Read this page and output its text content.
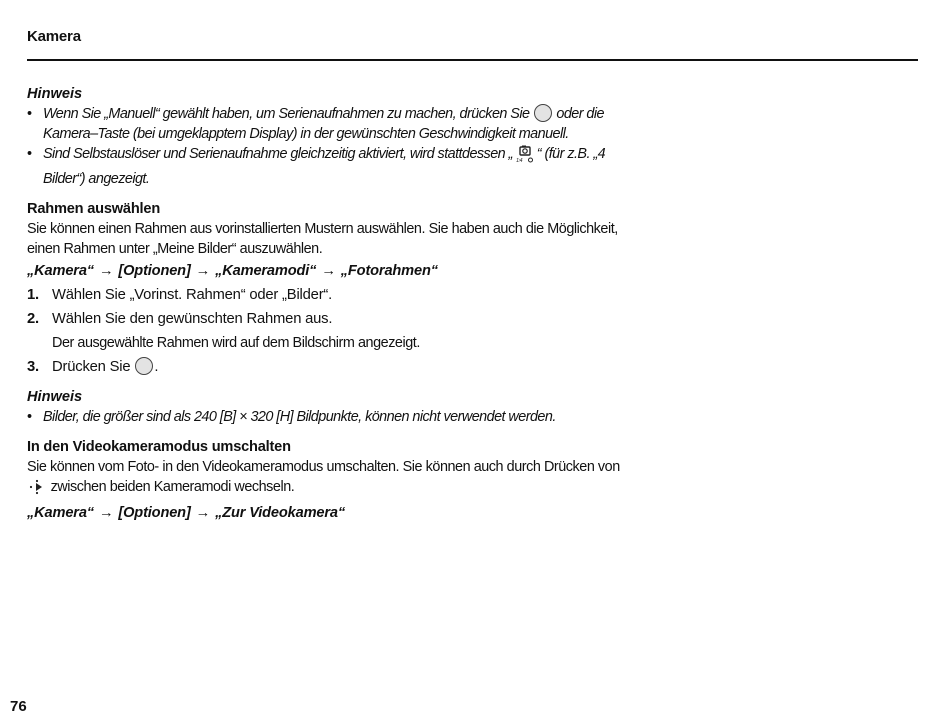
Kamera
Hinweis
• Wenn Sie „Manuell“ gewählt haben, um Serienaufnahmen zu machen, drücken Sie oder die Kamera–Taste (bei umgeklapptem Display) in der gewünschten Geschwindigkeit manuell.
• Sind Selbstauslöser und Serienaufnahme gleichzeitig aktiviert, wird stattdessen „ 1:4 “ (für z.B. „4 Bilder“) angezeigt.
Rahmen auswählen
Sie können einen Rahmen aus vorinstallierten Mustern auswählen. Sie haben auch die Möglichkeit, einen Rahmen unter „Meine Bilder“ auszuwählen.
„Kamera“ → [Optionen] → „Kameramodi“ → „Fotorahmen“
1. Wählen Sie „Vorinst. Rahmen“ oder „Bilder“.
2. Wählen Sie den gewünschten Rahmen aus.
Der ausgewählte Rahmen wird auf dem Bildschirm angezeigt.
3. Drücken Sie .
Hinweis
• Bilder, die größer sind als 240 [B] × 320 [H] Bildpunkte, können nicht verwendet werden.
In den Videokameramodus umschalten
Sie können vom Foto- in den Videokameramodus umschalten. Sie können auch durch Drücken von  zwischen beiden Kameramodi wechseln.
„Kamera“ → [Optionen] → „Zur Videokamera“
76
